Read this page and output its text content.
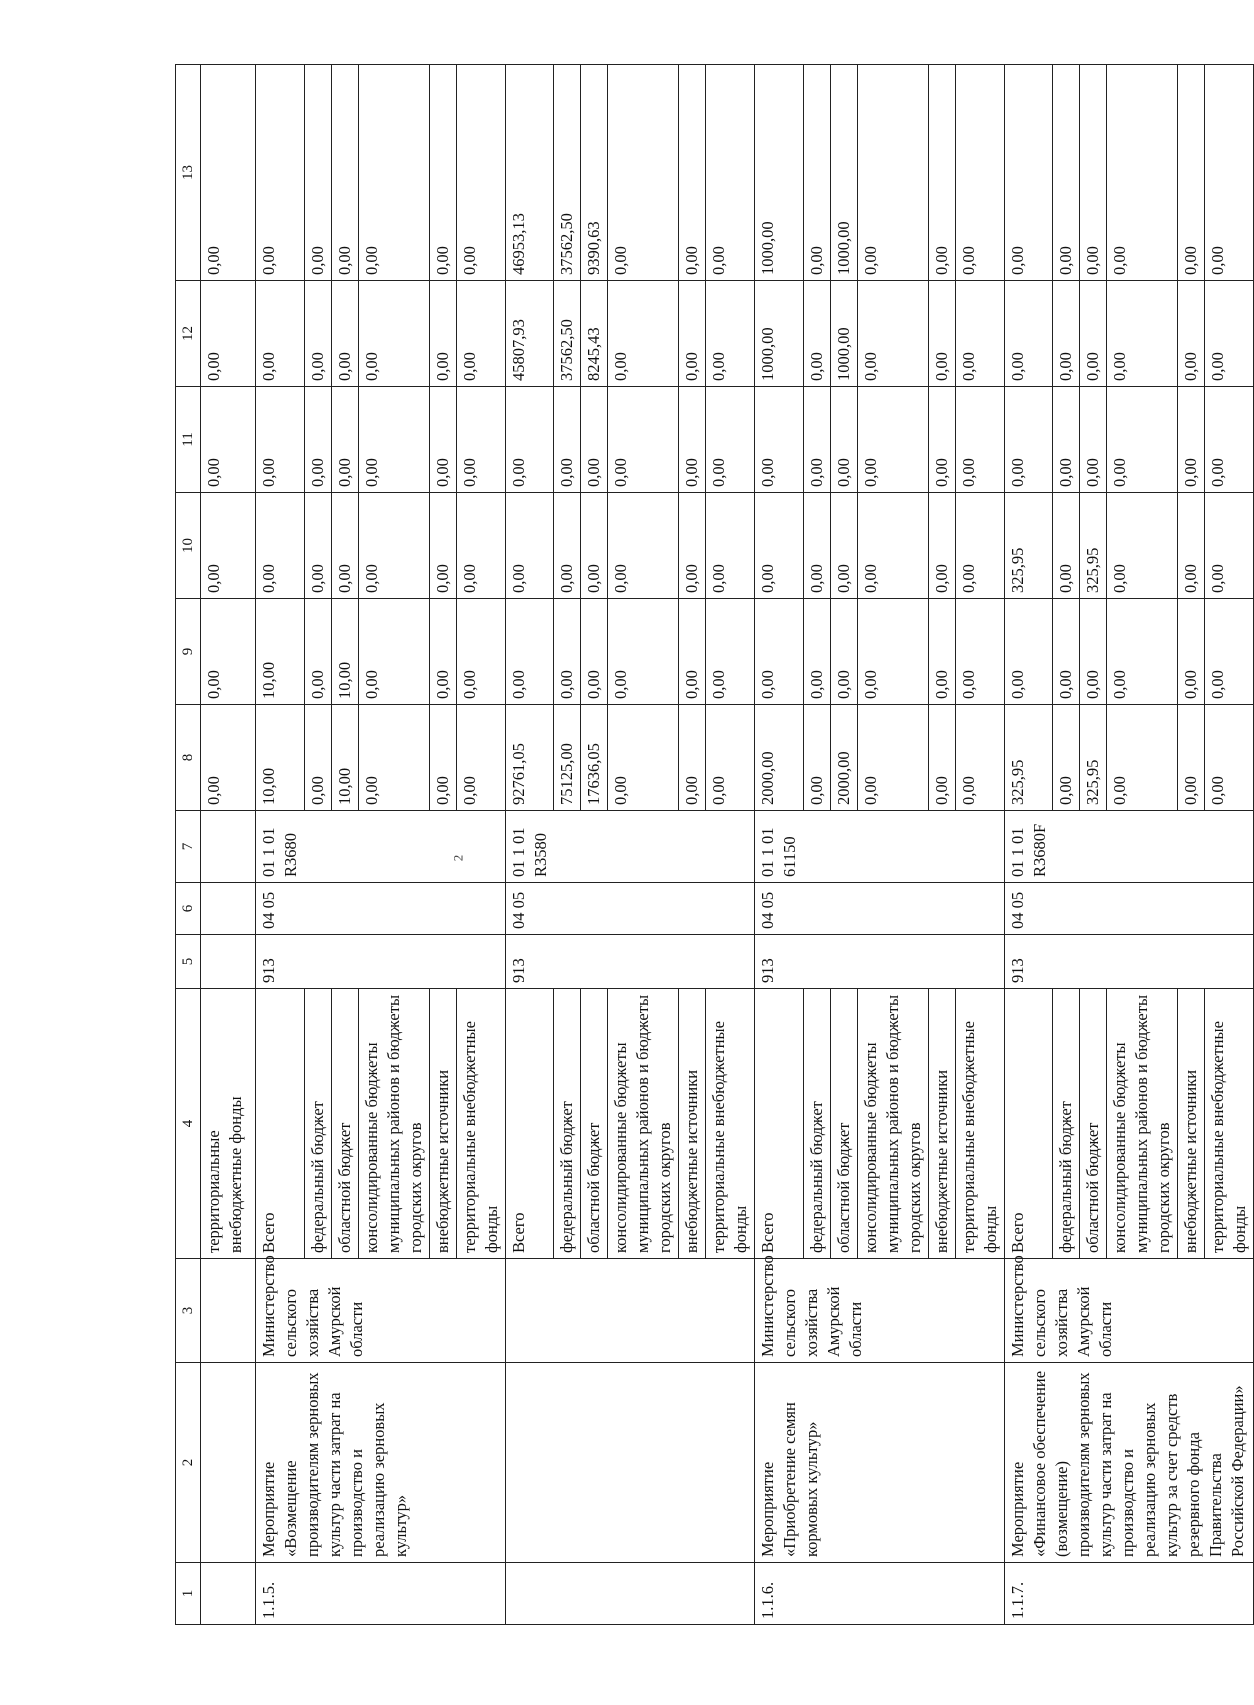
2
1	2	3	4	5	6	7	8	9	10	11	12	13
			территориальные внебюджетные фонды				0,00	0,00	0,00	0,00	0,00	0,00
1.1.5.	Мероприятие «Возмещение производителям зерновых культур части затрат на производство и реализацию зерновых культур»	Министерство сельского хозяйства Амурской области	Всего	913	04 05	01 1 01 R3680	10,00	10,00	0,00	0,00	0,00	0,00
			федеральный бюджет				0,00	0,00	0,00	0,00	0,00	0,00
			областной бюджет				10,00	10,00	0,00	0,00	0,00	0,00
			консолидированные бюджеты муниципальных районов и бюджеты городских округов				0,00	0,00	0,00	0,00	0,00	0,00
			внебюджетные источники				0,00	0,00	0,00	0,00	0,00	0,00
			территориальные внебюджетные фонды				0,00	0,00	0,00	0,00	0,00	0,00
			Всего	913	04 05	01 1 01 R3580	92761,05	0,00	0,00	0,00	45807,93	46953,13
			федеральный бюджет				75125,00	0,00	0,00	0,00	37562,50	37562,50
			областной бюджет				17636,05	0,00	0,00	0,00	8245,43	9390,63
			консолидированные бюджеты муниципальных районов и бюджеты городских округов				0,00	0,00	0,00	0,00	0,00	0,00
			внебюджетные источники				0,00	0,00	0,00	0,00	0,00	0,00
			территориальные внебюджетные фонды				0,00	0,00	0,00	0,00	0,00	0,00
1.1.6.	Мероприятие «Приобретение семян кормовых культур»	Министерство сельского хозяйства Амурской области	Всего	913	04 05	01 1 01 61150	2000,00	0,00	0,00	0,00	1000,00	1000,00
			федеральный бюджет				0,00	0,00	0,00	0,00	0,00	0,00
			областной бюджет				2000,00	0,00	0,00	0,00	1000,00	1000,00
			консолидированные бюджеты муниципальных районов и бюджеты городских округов				0,00	0,00	0,00	0,00	0,00	0,00
			внебюджетные источники				0,00	0,00	0,00	0,00	0,00	0,00
			территориальные внебюджетные фонды				0,00	0,00	0,00	0,00	0,00	0,00
1.1.7.	Мероприятие «Финансовое обеспечение (возмещение) производителям зерновых культур части затрат на производство и реализацию зерновых культур за счет средств резервного фонда Правительства Российской Федерации»	Министерство сельского хозяйства Амурской области	Всего	913	04 05	01 1 01 R3680F	325,95	0,00	325,95	0,00	0,00	0,00
			федеральный бюджет				0,00	0,00	0,00	0,00	0,00	0,00
			областной бюджет				325,95	0,00	325,95	0,00	0,00	0,00
			консолидированные бюджеты муниципальных районов и бюджеты городских округов				0,00	0,00	0,00	0,00	0,00	0,00
			внебюджетные источники				0,00	0,00	0,00	0,00	0,00	0,00
			территориальные внебюджетные фонды				0,00	0,00	0,00	0,00	0,00	0,00
